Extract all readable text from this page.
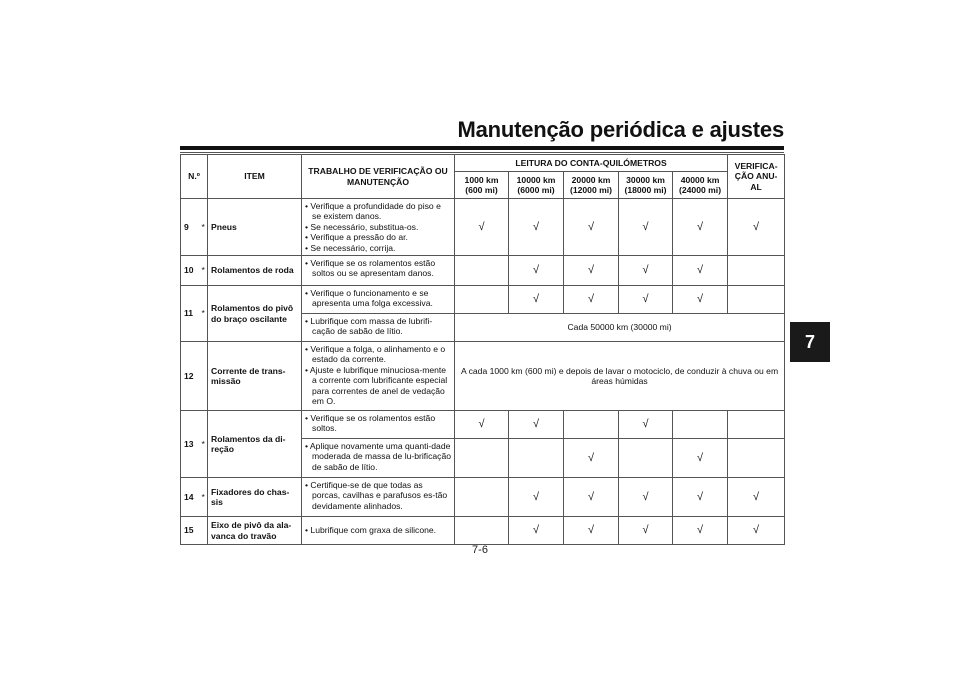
Manutenção periódica e ajustes
7
N.º		ITEM	TRABALHO DE VERIFICAÇÃO OU MANUTENÇÃO	LEITURA DO CONTA-QUILÓMETROS					VERIFICA-ÇÃO ANU-AL
				1000 km (600 mi)	10000 km (6000 mi)	20000 km (12000 mi)	30000 km (18000 mi)	40000 km (24000 mi)	
9	*	Pneus	• Verifique a profundidade do piso e se existem danos.
• Se necessário, substitua-os.
• Verifique a pressão do ar.
• Se necessário, corrija.	√	√	√	√	√	√
10	*	Rolamentos de roda	• Verifique se os rolamentos estão soltos ou se apresentam danos.		√	√	√	√	
11	*	Rolamentos do pivô do braço oscilante	• Verifique o funcionamento e se apresenta uma folga excessiva.		√	√	√	√	

			• Lubrifique com massa de lubrifi-cação de sabão de lítio.	Cada 50000 km (30000 mi)					
12		Corrente de trans-missão	• Verifique a folga, o alinhamento e o estado da corrente.
• Ajuste e lubrifique minuciosa-mente a corrente com lubrificante especial para correntes de anel de vedação em O.	A cada 1000 km (600 mi) e depois de lavar o motociclo, de conduzir à chuva ou em áreas húmidas					
13	*	Rolamentos da di-reção	• Verifique se os rolamentos estão soltos.	√	√		√		

			• Aplique novamente uma quanti-dade moderada de massa de lu-brificação de sabão de lítio.			√		√	
14	*	Fixadores do chas-sis	• Certifique-se de que todas as porcas, cavilhas e parafusos es-tão devidamente alinhados.		√	√	√	√	√
15		Eixo de pivô da ala-vanca do travão	• Lubrifique com graxa de silicone.		√	√	√	√	√
7-6
